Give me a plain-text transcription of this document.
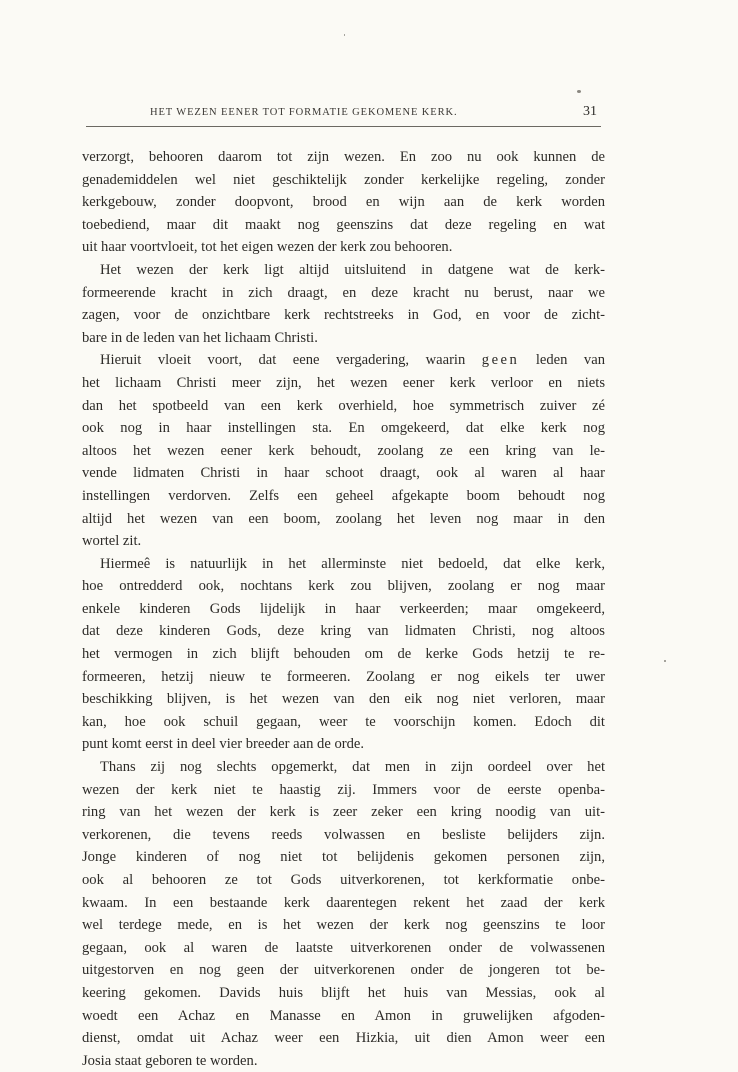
HET WEZEN EENER TOT FORMATIE GEKOMENE KERK.	31
verzorgt, behooren daarom tot zijn wezen. En zoo nu ook kunnen de
genademiddelen wel niet geschiktelijk zonder kerkelijke regeling, zonder
kerkgebouw, zonder doopvont, brood en wijn aan de kerk worden
toebediend, maar dit maakt nog geenszins dat deze regeling en wat
uit haar voortvloeit, tot het eigen wezen der kerk zou behooren.
Het wezen der kerk ligt altijd uitsluitend in datgene wat de kerk-
formeerende kracht in zich draagt, en deze kracht nu berust, naar we
zagen, voor de onzichtbare kerk rechtstreeks in God, en voor de zicht-
bare in de leden van het lichaam Christi.
Hieruit vloeit voort, dat eene vergadering, waarin geen leden van
het lichaam Christi meer zijn, het wezen eener kerk verloor en niets
dan het spotbeeld van een kerk overhield, hoe symmetrisch zuiver zé
ook nog in haar instellingen sta. En omgekeerd, dat elke kerk nog
altoos het wezen eener kerk behoudt, zoolang ze een kring van le-
vende lidmaten Christi in haar schoot draagt, ook al waren al haar
instellingen verdorven. Zelfs een geheel afgekapte boom behoudt nog
altijd het wezen van een boom, zoolang het leven nog maar in den
wortel zit.
Hiermeê is natuurlijk in het allerminste niet bedoeld, dat elke kerk,
hoe ontredderd ook, nochtans kerk zou blijven, zoolang er nog maar
enkele kinderen Gods lijdelijk in haar verkeerden; maar omgekeerd,
dat deze kinderen Gods, deze kring van lidmaten Christi, nog altoos
het vermogen in zich blijft behouden om de kerke Gods hetzij te re-
formeeren, hetzij nieuw te formeeren. Zoolang er nog eikels ter uwer
beschikking blijven, is het wezen van den eik nog niet verloren, maar
kan, hoe ook schuil gegaan, weer te voorschijn komen. Edoch dit
punt komt eerst in deel vier breeder aan de orde.
Thans zij nog slechts opgemerkt, dat men in zijn oordeel over het
wezen der kerk niet te haastig zij. Immers voor de eerste openba-
ring van het wezen der kerk is zeer zeker een kring noodig van uit-
verkorenen, die tevens reeds volwassen en besliste belijders zijn.
Jonge kinderen of nog niet tot belijdenis gekomen personen zijn,
ook al behooren ze tot Gods uitverkorenen, tot kerkformatie onbe-
kwaam. In een bestaande kerk daarentegen rekent het zaad der kerk
wel terdege mede, en is het wezen der kerk nog geenszins te loor
gegaan, ook al waren de laatste uitverkorenen onder de volwassenen
uitgestorven en nog geen der uitverkorenen onder de jongeren tot be-
keering gekomen. Davids huis blijft het huis van Messias, ook al
woedt een Achaz en Manasse en Amon in gruwelijken afgoden-
dienst, omdat uit Achaz weer een Hizkia, uit dien Amon weer een
Josia staat geboren te worden.
